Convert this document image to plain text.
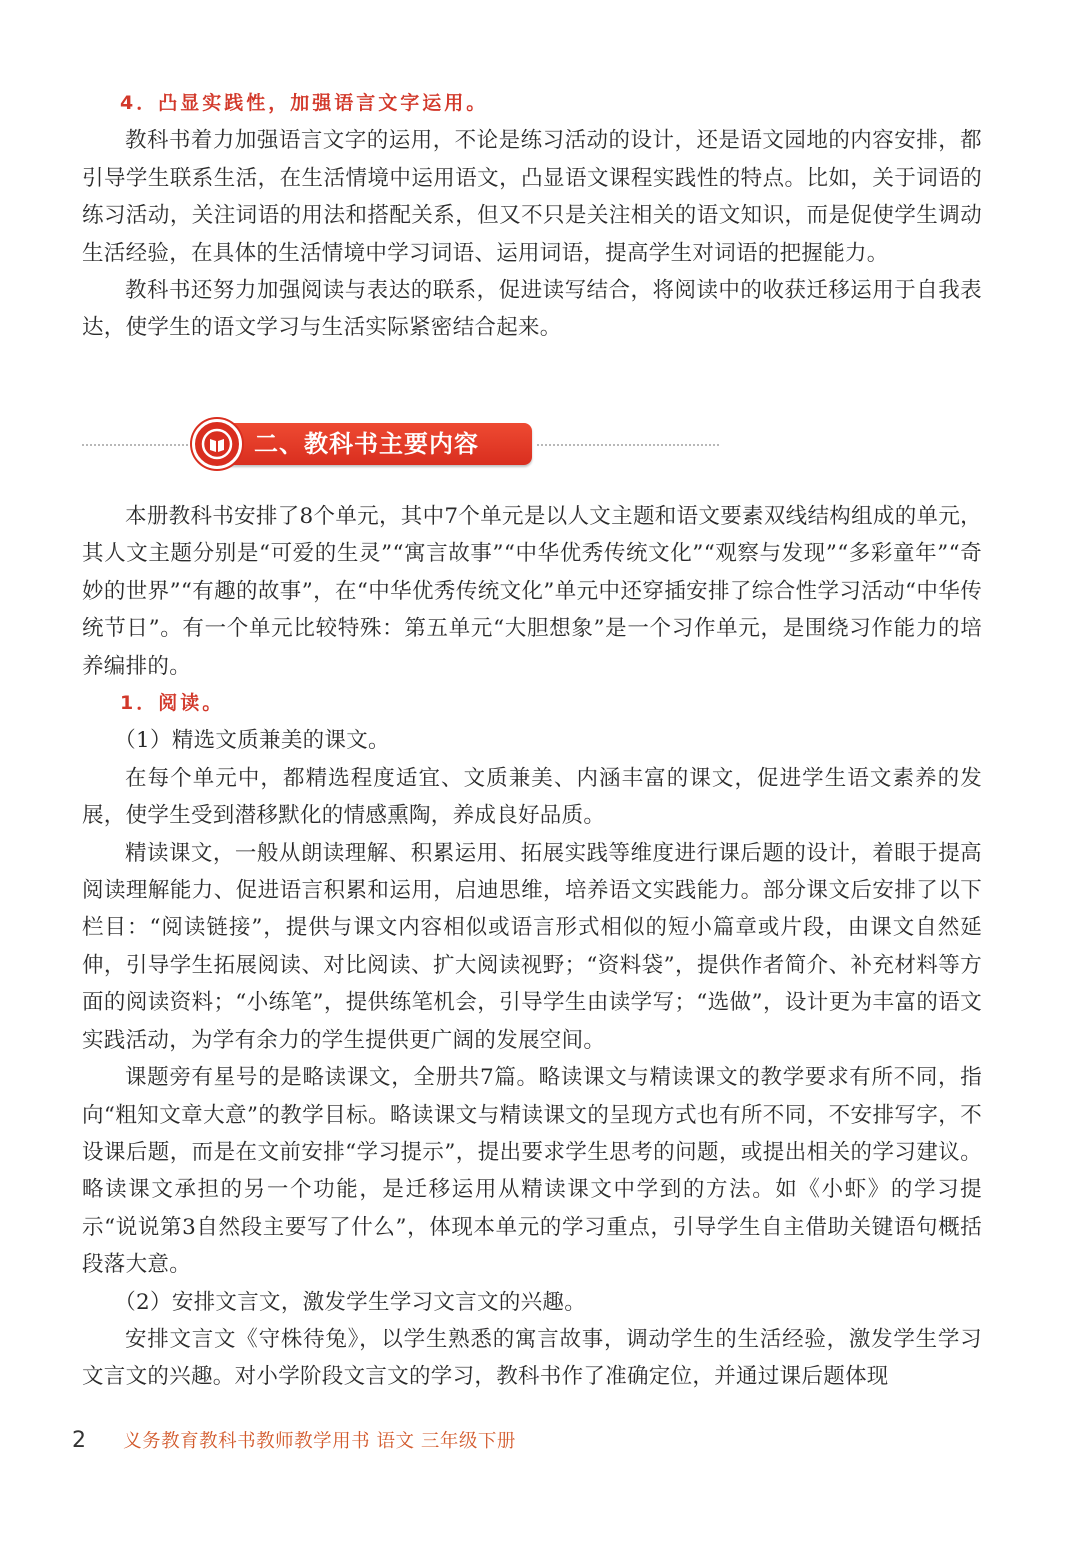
4．凸显实践性，加强语言文字运用。

教科书着力加强语言文字的运用，不论是练习活动的设计，还是语文园地的内容安排，都引导学生联系生活，在生活情境中运用语文，凸显语文课程实践性的特点。比如，关于词语的练习活动，关注词语的用法和搭配关系，但又不只是关注相关的语文知识，而是促使学生调动生活经验，在具体的生活情境中学习词语、运用词语，提高学生对词语的把握能力。

教科书还努力加强阅读与表达的联系，促进读写结合，将阅读中的收获迁移运用于自我表达，使学生的语文学习与生活实际紧密结合起来。

二、教科书主要内容

本册教科书安排了8个单元，其中7个单元是以人文主题和语文要素双线结构组成的单元，其人文主题分别是“可爱的生灵”“寓言故事”“中华优秀传统文化”“观察与发现”“多彩童年”“奇妙的世界”“有趣的故事”，在“中华优秀传统文化”单元中还穿插安排了综合性学习活动“中华传统节日”。有一个单元比较特殊：第五单元“大胆想象”是一个习作单元，是围绕习作能力的培养编排的。

1．阅读。

（1）精选文质兼美的课文。

在每个单元中，都精选程度适宜、文质兼美、内涵丰富的课文，促进学生语文素养的发展，使学生受到潜移默化的情感熏陶，养成良好品质。

精读课文，一般从朗读理解、积累运用、拓展实践等维度进行课后题的设计，着眼于提高阅读理解能力、促进语言积累和运用，启迪思维，培养语文实践能力。部分课文后安排了以下栏目：“阅读链接”，提供与课文内容相似或语言形式相似的短小篇章或片段，由课文自然延伸，引导学生拓展阅读、对比阅读、扩大阅读视野；“资料袋”，提供作者简介、补充材料等方面的阅读资料；“小练笔”，提供练笔机会，引导学生由读学写；“选做”，设计更为丰富的语文实践活动，为学有余力的学生提供更广阔的发展空间。

课题旁有星号的是略读课文，全册共7篇。略读课文与精读课文的教学要求有所不同，指向“粗知文章大意”的教学目标。略读课文与精读课文的呈现方式也有所不同，不安排写字，不设课后题，而是在文前安排“学习提示”，提出要求学生思考的问题，或提出相关的学习建议。略读课文承担的另一个功能，是迁移运用从精读课文中学到的方法。如《小虾》的学习提示“说说第3自然段主要写了什么”，体现本单元的学习重点，引导学生自主借助关键语句概括段落大意。

（2）安排文言文，激发学生学习文言文的兴趣。

安排文言文《守株待兔》，以学生熟悉的寓言故事，调动学生的生活经验，激发学生学习文言文的兴趣。对小学阶段文言文的学习，教科书作了准确定位，并通过课后题体现

2 义务教育教科书教师教学用书 语文 三年级下册
